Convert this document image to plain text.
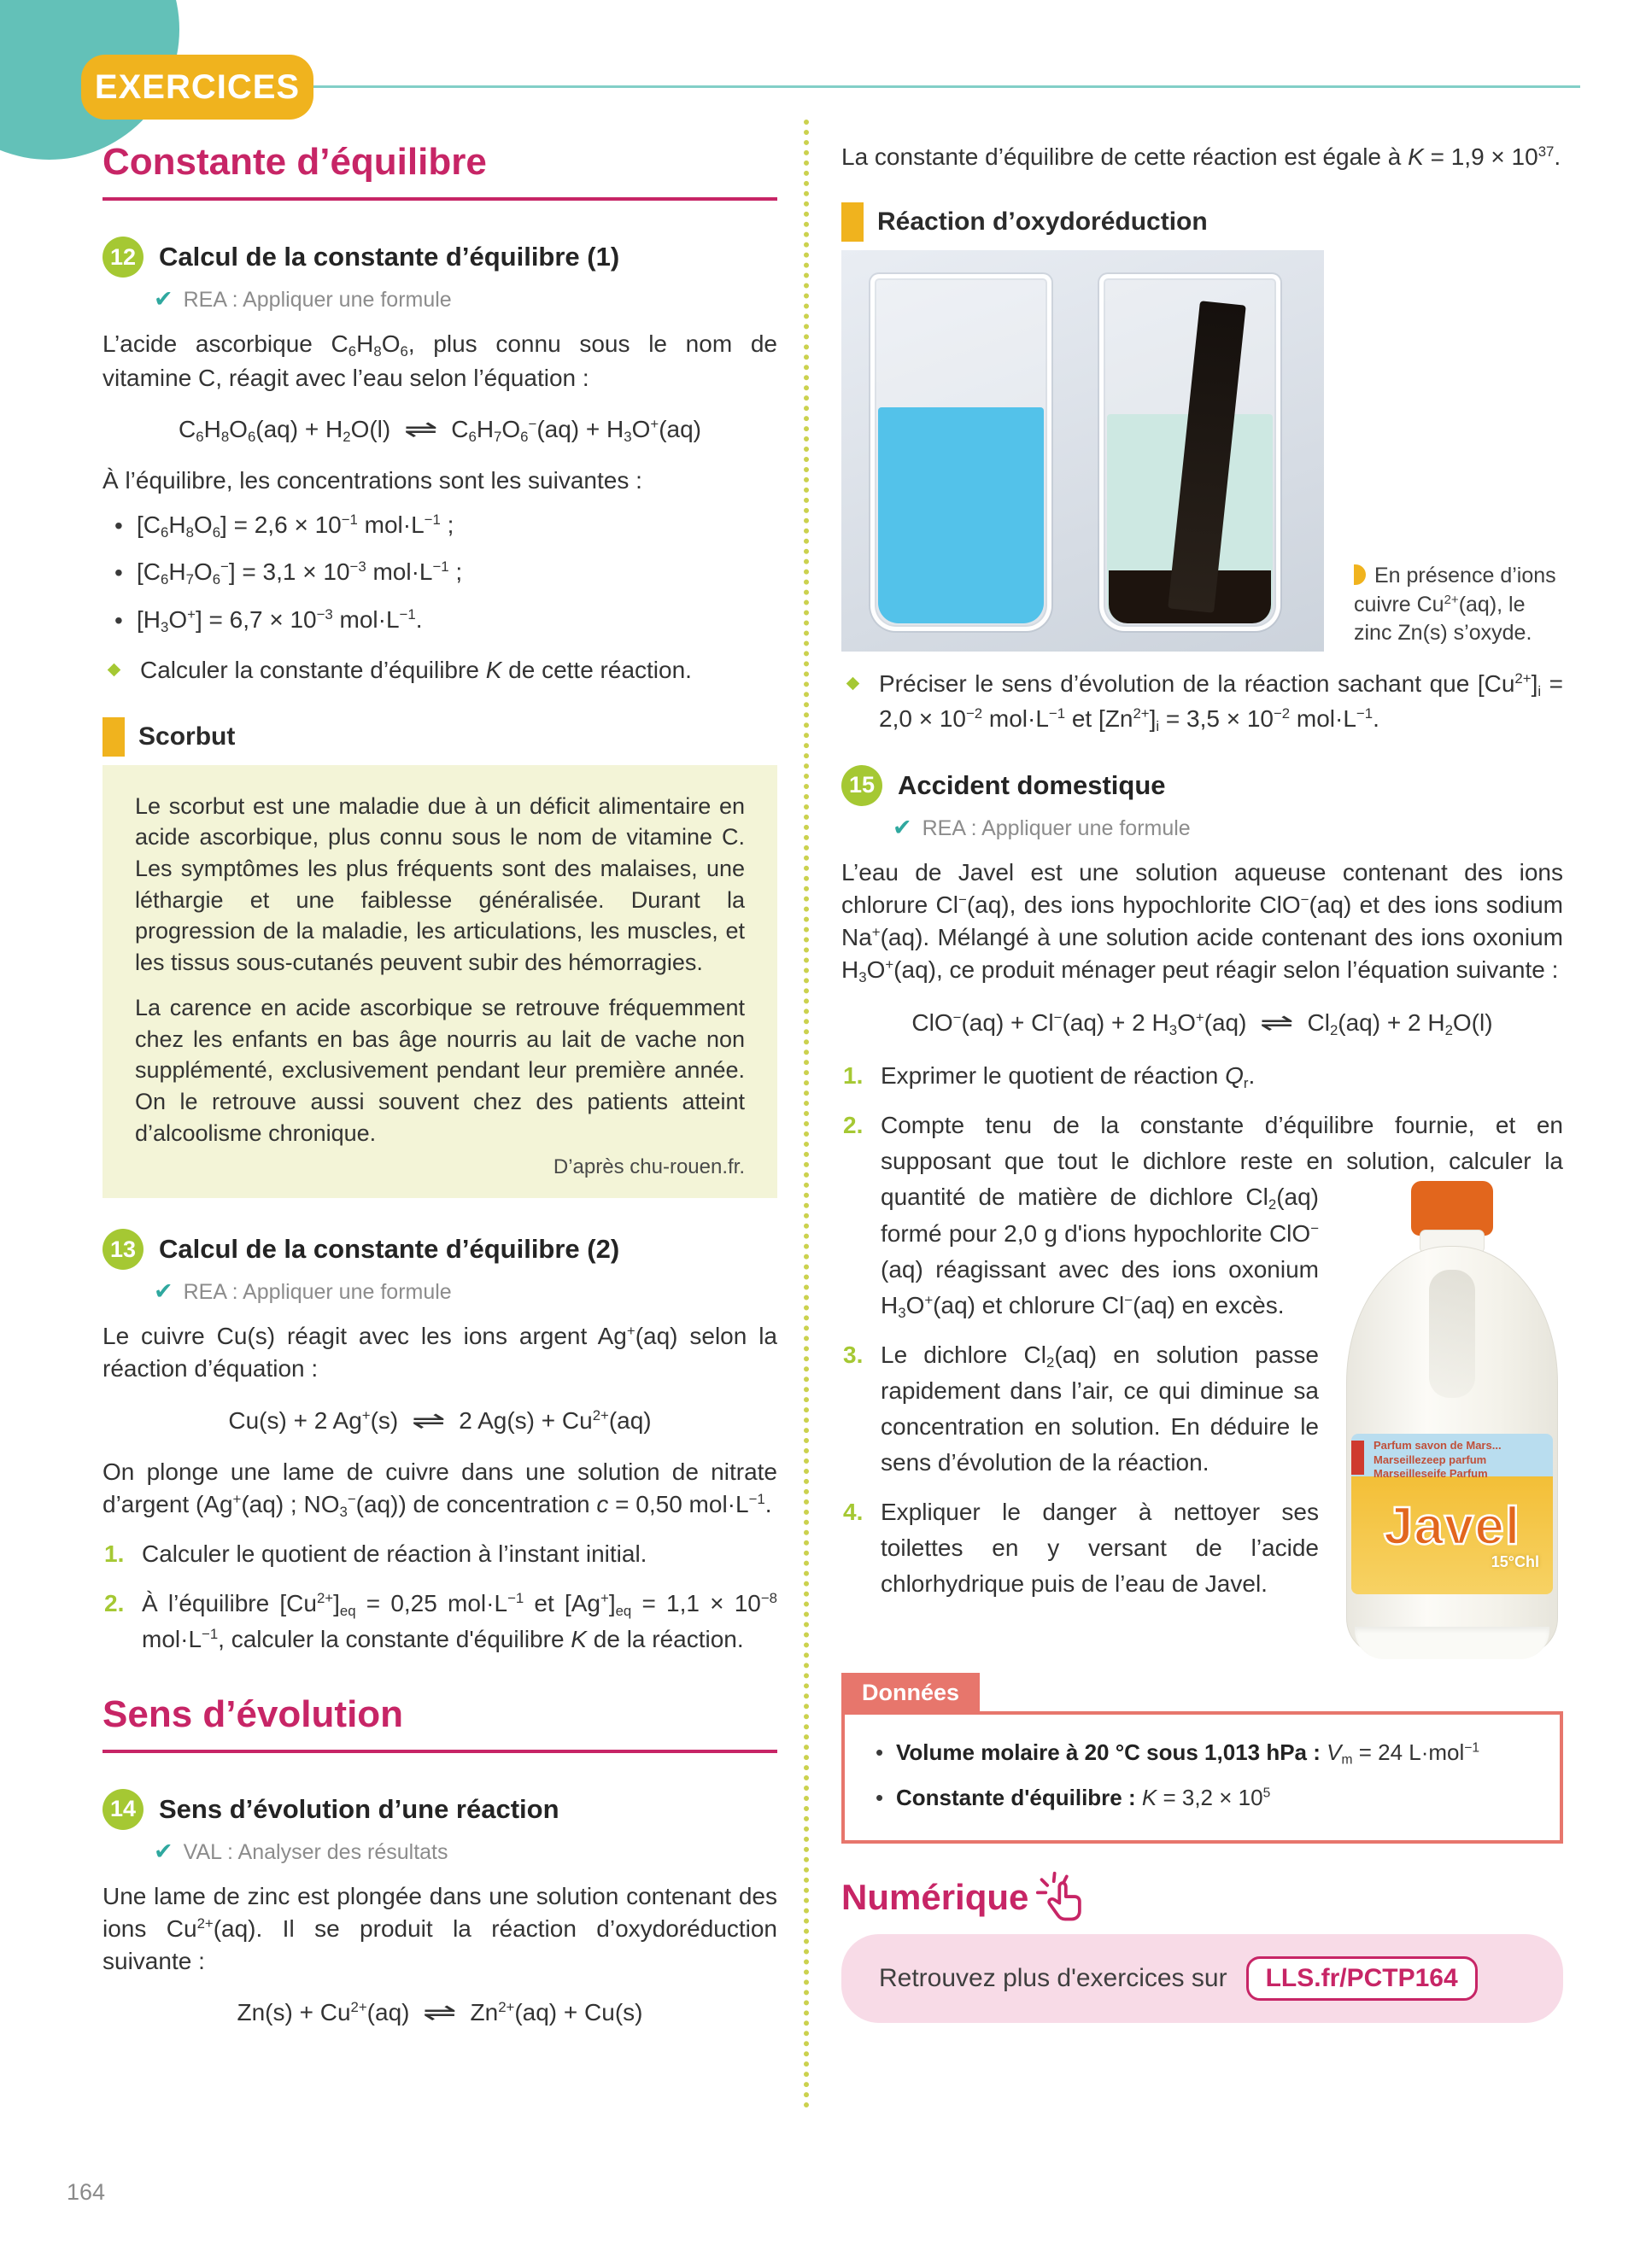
EXERCICES
Constante d’équilibre
12 Calcul de la constante d’équilibre (1)
✔ REA : Appliquer une formule

L’acide ascorbique $C_6H_8O_6$, plus connu sous le nom de vitamine C, réagit avec l’eau selon l’équation :

$C_6H_8O_6(aq) + H_2O(l)$ ⇌ $C_6H_7O_6^-(aq) + H_3O^+(aq)$

À l’équilibre, les concentrations sont les suivantes :

• $[C_6H_8O_6] = 2,6 \times 10^{-1}$ $mol\cdot L^{-1}$ ;
• $[C_6H_7O_6^-] = 3,1 \times 10^{-3}$ $mol\cdot L^{-1}$ ;
• $[H_3O^+] = 6,7 \times 10^{-3}$ $mol\cdot L^{-1}$.
Calculer la constante d’équilibre K de cette réaction.
Scorbut

Le scorbut est une maladie due à un déficit alimentaire en acide ascorbique, plus connu sous le nom de vitamine C. Les symptômes les plus fréquents sont des malaises, une léthargie et une faiblesse généralisée. Durant la progression de la maladie, les articulations, les muscles, et les tissus sous-cutanés peuvent subir des hémorragies.

La carence en acide ascorbique se retrouve fréquemment chez les enfants en bas âge nourris au lait de vache non supplémenté, exclusivement pendant leur première année. On le retrouve aussi souvent chez des patients atteint d’alcoolisme chronique.

D’après chu-rouen.fr.
13 Calcul de la constante d’équilibre (2)
✔ REA : Appliquer une formule

Le cuivre Cu(s) réagit avec les ions argent Ag+(aq) selon la réaction d’équation :

Cu(s) + 2 Ag+(s) ⇌ 2 $Ag(s) + Cu^{2+}(aq)$

On plonge une lame de cuivre dans une solution de nitrate d’argent (Ag+(aq) ; $NO_3^-(aq)$) de concentration c = 0,50 $mol\cdot L^{-1}$.

1. Calculer le quotient de réaction à l’instant initial.
2. À l’équilibre $[Cu^{2+}]_{eq} = 0,25$ $mol\cdot L^{-1}$ et $[Ag^+]_{eq} = 1,1 \times 10^{-8}$ $mol\cdot L^{-1}$, calculer la constante d'équilibre K de la réaction.
Sens d’évolution
14 Sens d’évolution d’une réaction
✔ VAL : Analyser des résultats

Une lame de zinc est plongée dans une solution contenant des ions $Cu^{2+}(aq)$. Il se produit la réaction d’oxydoréduction suivante :

$Zn(s) + Cu^{2+}(aq)$ ⇌ $Zn^{2+}(aq) + Cu(s)$

La constante d’équilibre de cette réaction est égale à $K = 1,9 \times 10^{37}$.

Réaction d’oxydoréduction
En présence d’ions cuivre $Cu^{2+}(aq)$, le zinc Zn(s) s’oxyde.
Préciser le sens d’évolution de la réaction sachant que $[Cu^{2+}]_i = 2,0 \times 10^{-2}$ $mol\cdot L^{-1}$ et $[Zn^{2+}]_i = 3,5 \times 10^{-2}$ $mol\cdot L^{-1}$.
15 Accident domestique
✔ REA : Appliquer une formule

L’eau de Javel est une solution aqueuse contenant des ions chlorure Cl−(aq), des ions hypochlorite ClO−(aq) et des ions sodium Na+(aq). Mélangé à une solution acide contenant des ions oxonium $H_3O^+(aq)$, ce produit ménager peut réagir selon l’équation suivante :

ClO−(aq) + Cl−(aq) + 2 $H_3O^+(aq)$ ⇌ $Cl_2(aq) + 2$ $H_2O(l)$
1. Exprimer le quotient de réaction $Q_r$.
Parfum savon de Mars...
Marseillezeep parfum
Marseilleseife Parfum
Javel
15°Chl
2. Compte tenu de la constante d’équilibre fournie, et en supposant que tout le dichlore reste en solution, calculer la quantité de matière de dichlore $Cl_2(aq)$ formé pour 2,0 g d'ions hypochlorite ClO−(aq) réagissant avec des ions oxonium $H_3O^+(aq)$ et chlorure Cl−(aq) en excès.
3. Le dichlore $Cl_2(aq)$ en solution passe rapidement dans l’air, ce qui diminue sa concentration en solution. En déduire le sens d’évolution de la réaction.
4. Expliquer le danger à nettoyer ses toilettes en y versant de l’acide chlorhydrique puis de l’eau de Javel.
Données
• Volume molaire à 20 °C sous 1,013 hPa : $V_m = 24$ L·mol$^{-1}$
• Constante d'équilibre : $K = 3,2 \times 10^5$
Numérique
Retrouvez plus d'exercices sur	LLS.fr/PCTP164
164
